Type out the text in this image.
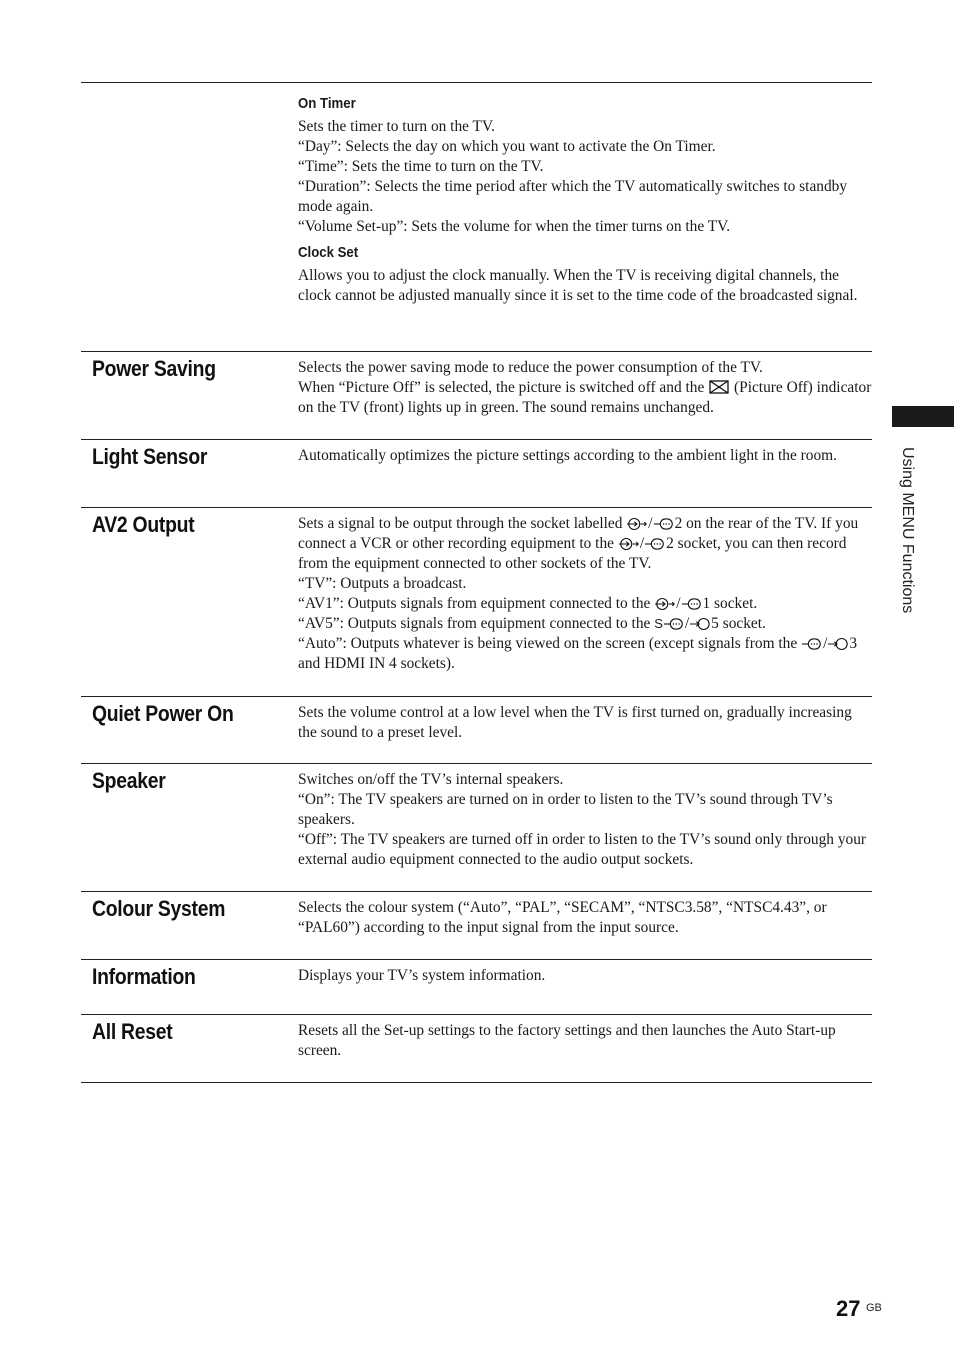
Using MENU Functions
On Timer

Sets the timer to turn on the TV.

“Day”: Selects the day on which you want to activate the On Timer.

“Time”: Sets the time to turn on the TV.

“Duration”: Selects the time period after which the TV automatically switches to standby mode again.

“Volume Set-up”: Sets the volume for when the timer turns on the TV.

Clock Set

Allows you to adjust the clock manually. When the TV is receiving digital channels, the clock cannot be adjusted manually since it is set to the time code of the broadcasted signal.

Power Saving	Selects the power saving mode to reduce the power consumption of the TV.

When “Picture Off” is selected, the picture is switched off and the (Picture Off) indicator on the TV (front) lights up in green. The sound remains unchanged.

Light Sensor	Automatically optimizes the picture settings according to the ambient light in the room.

AV2 Output	Sets a signal to be output through the socket labelled / 2 on the rear of the TV. If you connect a VCR or other recording equipment to the / 2 socket, you can then record from the equipment connected to other sockets of the TV.

“TV”: Outputs a broadcast.

“AV1”: Outputs signals from equipment connected to the / 1 socket.

“AV5”: Outputs signals from equipment connected to the S / 5 socket.

“Auto”: Outputs whatever is being viewed on the screen (except signals from the / 3 and HDMI IN 4 sockets).

Quiet Power On	Sets the volume control at a low level when the TV is first turned on, gradually increasing the sound to a preset level.

Speaker	Switches on/off the TV’s internal speakers.

“On”: The TV speakers are turned on in order to listen to the TV’s sound through TV’s speakers.

“Off”: The TV speakers are turned off in order to listen to the TV’s sound only through your external audio equipment connected to the audio output sockets.

Colour System	Selects the colour system (“Auto”, “PAL”, “SECAM”, “NTSC3.58”, “NTSC4.43”, or “PAL60”) according to the input signal from the input source.

Information	Displays your TV’s system information.

All Reset	Resets all the Set-up settings to the factory settings and then launches the Auto Start-up screen.

27 GB
